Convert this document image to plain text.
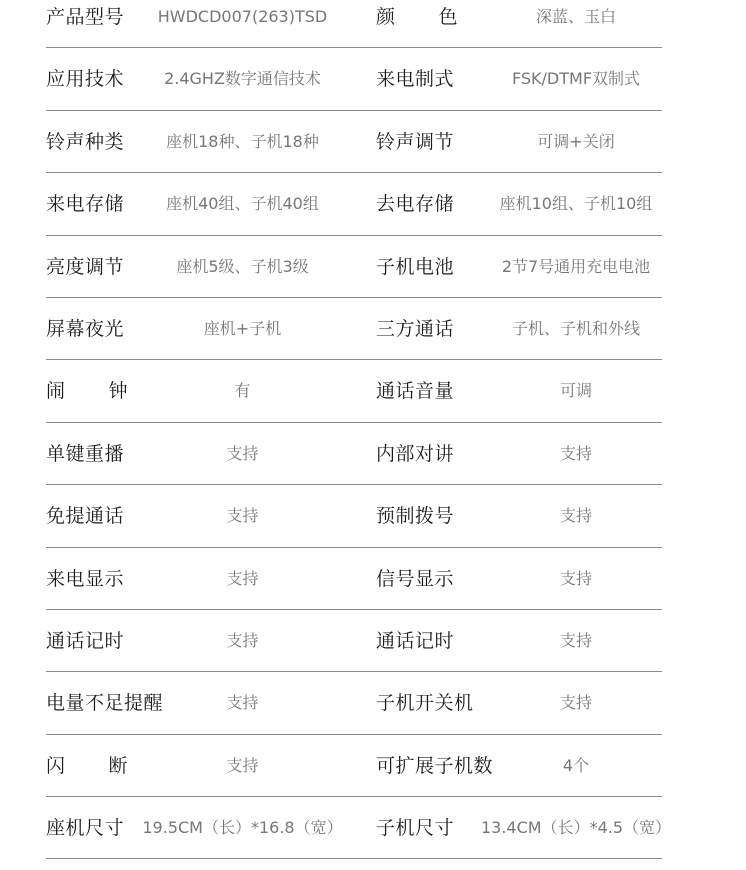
产品型号	HWDCD007(263)TSD	颜 色	深蓝、玉白
应用技术	2.4GHZ数字通信技术	来电制式	FSK/DTMF双制式
铃声种类	座机18种、子机18种	铃声调节	可调+关闭
来电存储	座机40组、子机40组	去电存储	座机10组、子机10组
亮度调节	座机5级、子机3级	子机电池	2节7号通用充电电池
屏幕夜光	座机+子机	三方通话	子机、子机和外线
闹 钟	有	通话音量	可调
单键重播	支持	内部对讲	支持
免提通话	支持	预制拨号	支持
来电显示	支持	信号显示	支持
通话记时	支持	通话记时	支持
电量不足提醒	支持	子机开关机	支持
闪 断	支持	可扩展子机数	4个
座机尺寸	19.5CM（长）*16.8（宽）	子机尺寸	13.4CM（长）*4.5（宽）
